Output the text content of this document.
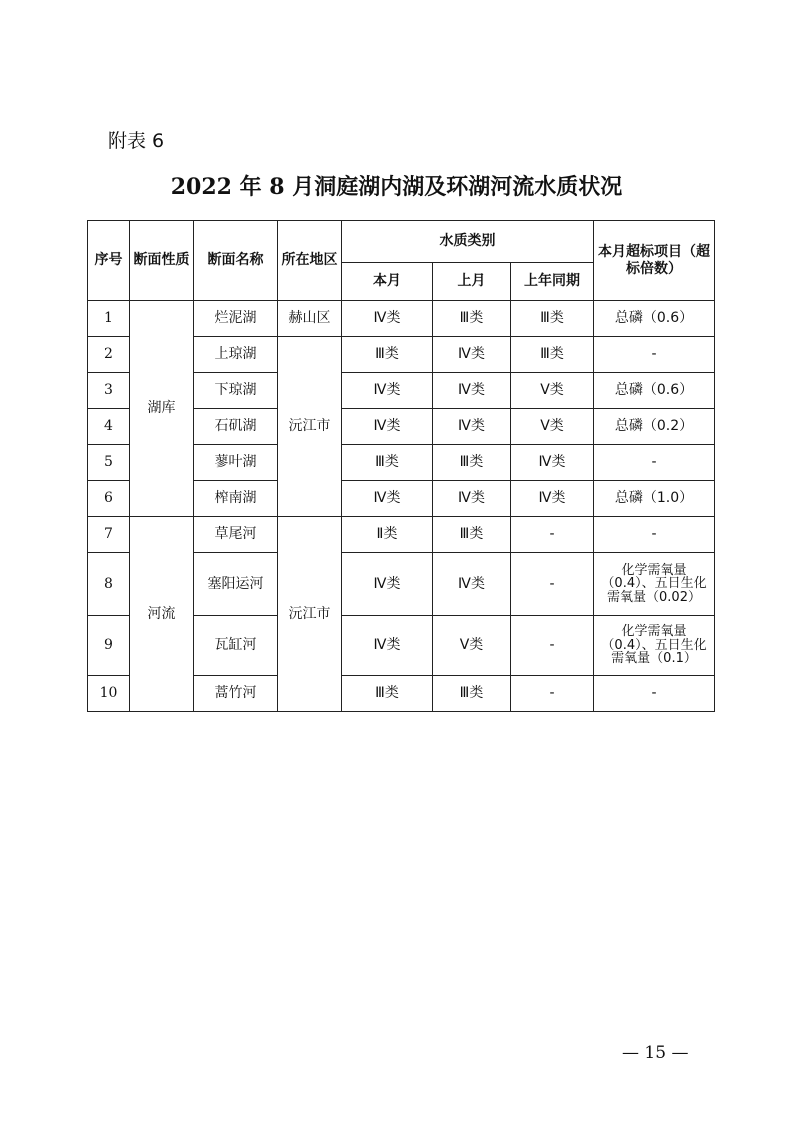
附表 6
2022 年 8 月洞庭湖内湖及环湖河流水质状况
序号	断面性质	断面名称	所在地区	水质类别			本月超标项目（超标倍数）
				本月	上月	上年同期	
1	湖库	烂泥湖	赫山区	Ⅳ类	Ⅲ类	Ⅲ类	总磷（0.6）
2		上琼湖	沅江市	Ⅲ类	Ⅳ类	Ⅲ类	-
3		下琼湖		Ⅳ类	Ⅳ类	Ⅴ类	总磷（0.6）
4		石矶湖		Ⅳ类	Ⅳ类	Ⅴ类	总磷（0.2）
5		蓼叶湖		Ⅲ类	Ⅲ类	Ⅳ类	-
6		榨南湖		Ⅳ类	Ⅳ类	Ⅳ类	总磷（1.0）
7	河流	草尾河	沅江市	Ⅱ类	Ⅲ类	-	-
8		塞阳运河		Ⅳ类	Ⅳ类	-	化学需氧量（0.4）、五日生化需氧量（0.02）
9		瓦缸河		Ⅳ类	Ⅴ类	-	化学需氧量（0.4）、五日生化需氧量（0.1）
10		蒿竹河		Ⅲ类	Ⅲ类	-	-
— 15 —
